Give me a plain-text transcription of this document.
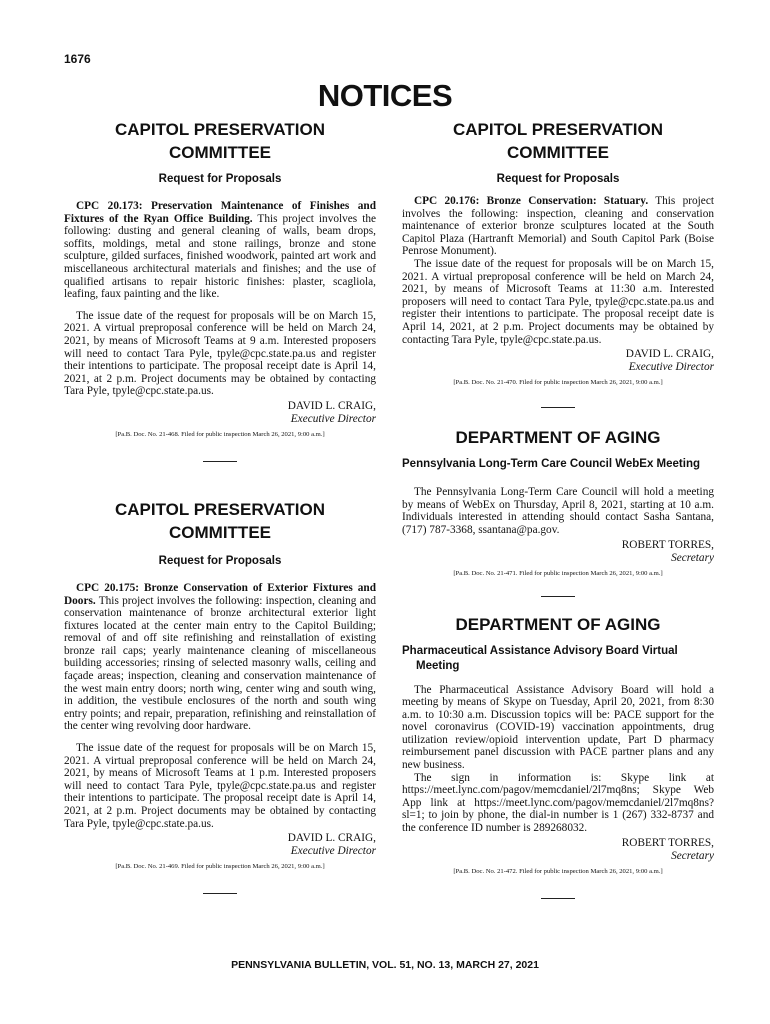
1676
NOTICES
CAPITOL PRESERVATION COMMITTEE
Request for Proposals

CPC 20.173: Preservation Maintenance of Finishes and Fixtures of the Ryan Office Building. This project involves the following: dusting and general cleaning of walls, beam drops, soffits, moldings, metal and stone railings, bronze and stone sculpture, gilded surfaces, finished woodwork, painted art work and miscellaneous architectural materials and finishes; and the use of qualified artisans to repair historic finishes: plaster, scagliola, leafing, faux painting and the like.

The issue date of the request for proposals will be on March 15, 2021. A virtual preproposal conference will be held on March 24, 2021, by means of Microsoft Teams at 9 a.m. Interested proposers will need to contact Tara Pyle, tpyle@cpc.state.pa.us and register their intentions to participate. The proposal receipt date is April 14, 2021, at 2 p.m. Project documents may be obtained by contacting Tara Pyle, tpyle@cpc.state.pa.us.

DAVID L. CRAIG,

Executive Director

[Pa.B. Doc. No. 21-468. Filed for public inspection March 26, 2021, 9:00 a.m.]

CAPITOL PRESERVATION COMMITTEE
Request for Proposals

CPC 20.175: Bronze Conservation of Exterior Fixtures and Doors. This project involves the following: inspection, cleaning and conservation maintenance of bronze architectural exterior light fixtures located at the center main entry to the Capitol Building; removal of and off site refinishing and reinstallation of existing bronze rail caps; yearly maintenance cleaning of miscellaneous building accessories; rinsing of selected masonry walls, ceiling and façade areas; inspection, cleaning and conservation maintenance of the west main entry doors; north wing, center wing and south wing, in addition, the vestibule enclosures of the north and south wing entry points; and repair, preparation, refinishing and reinstallation of the center wing revolving door hardware.

The issue date of the request for proposals will be on March 15, 2021. A virtual preproposal conference will be held on March 24, 2021, by means of Microsoft Teams at 1 p.m. Interested proposers will need to contact Tara Pyle, tpyle@cpc.state.pa.us and register their intentions to participate. The proposal receipt date is April 14, 2021, at 2 p.m. Project documents may be obtained by contacting Tara Pyle, tpyle@cpc.state.pa.us.

DAVID L. CRAIG,

Executive Director

[Pa.B. Doc. No. 21-469. Filed for public inspection March 26, 2021, 9:00 a.m.]

CAPITOL PRESERVATION COMMITTEE
Request for Proposals

CPC 20.176: Bronze Conservation: Statuary. This project involves the following: inspection, cleaning and conservation maintenance of exterior bronze sculptures located at the South Capitol Plaza (Hartranft Memorial) and South Capitol Park (Boise Penrose Monument).

The issue date of the request for proposals will be on March 15, 2021. A virtual preproposal conference will be held on March 24, 2021, by means of Microsoft Teams at 11:30 a.m. Interested proposers will need to contact Tara Pyle, tpyle@cpc.state.pa.us and register their intentions to participate. The proposal receipt date is April 14, 2021, at 2 p.m. Project documents may be obtained by contacting Tara Pyle, tpyle@cpc.state.pa.us.

DAVID L. CRAIG,

Executive Director

[Pa.B. Doc. No. 21-470. Filed for public inspection March 26, 2021, 9:00 a.m.]

DEPARTMENT OF AGING
Pennsylvania Long-Term Care Council WebEx Meeting

The Pennsylvania Long-Term Care Council will hold a meeting by means of WebEx on Thursday, April 8, 2021, starting at 10 a.m. Individuals interested in attending should contact Sasha Santana, (717) 787-3368, ssantana@pa.gov.

ROBERT TORRES,

Secretary

[Pa.B. Doc. No. 21-471. Filed for public inspection March 26, 2021, 9:00 a.m.]

DEPARTMENT OF AGING
Pharmaceutical Assistance Advisory Board Virtual Meeting

The Pharmaceutical Assistance Advisory Board will hold a meeting by means of Skype on Tuesday, April 20, 2021, from 8:30 a.m. to 10:30 a.m. Discussion topics will be: PACE support for the novel coronavirus (COVID-19) vaccination appointments, drug utilization review/opioid intervention update, Part D pharmacy reimbursement panel discussion with PACE partner plans and any new business.

The sign in information is: Skype link at https://meet.lync.com/pagov/memcdaniel/2l7mq8ns; Skype Web App link at https://meet.lync.com/pagov/memcdaniel/2l7mq8ns?sl=1; to join by phone, the dial-in number is 1 (267) 332-8737 and the conference ID number is 289268032.

ROBERT TORRES,

Secretary

[Pa.B. Doc. No. 21-472. Filed for public inspection March 26, 2021, 9:00 a.m.]

PENNSYLVANIA BULLETIN, VOL. 51, NO. 13, MARCH 27, 2021
